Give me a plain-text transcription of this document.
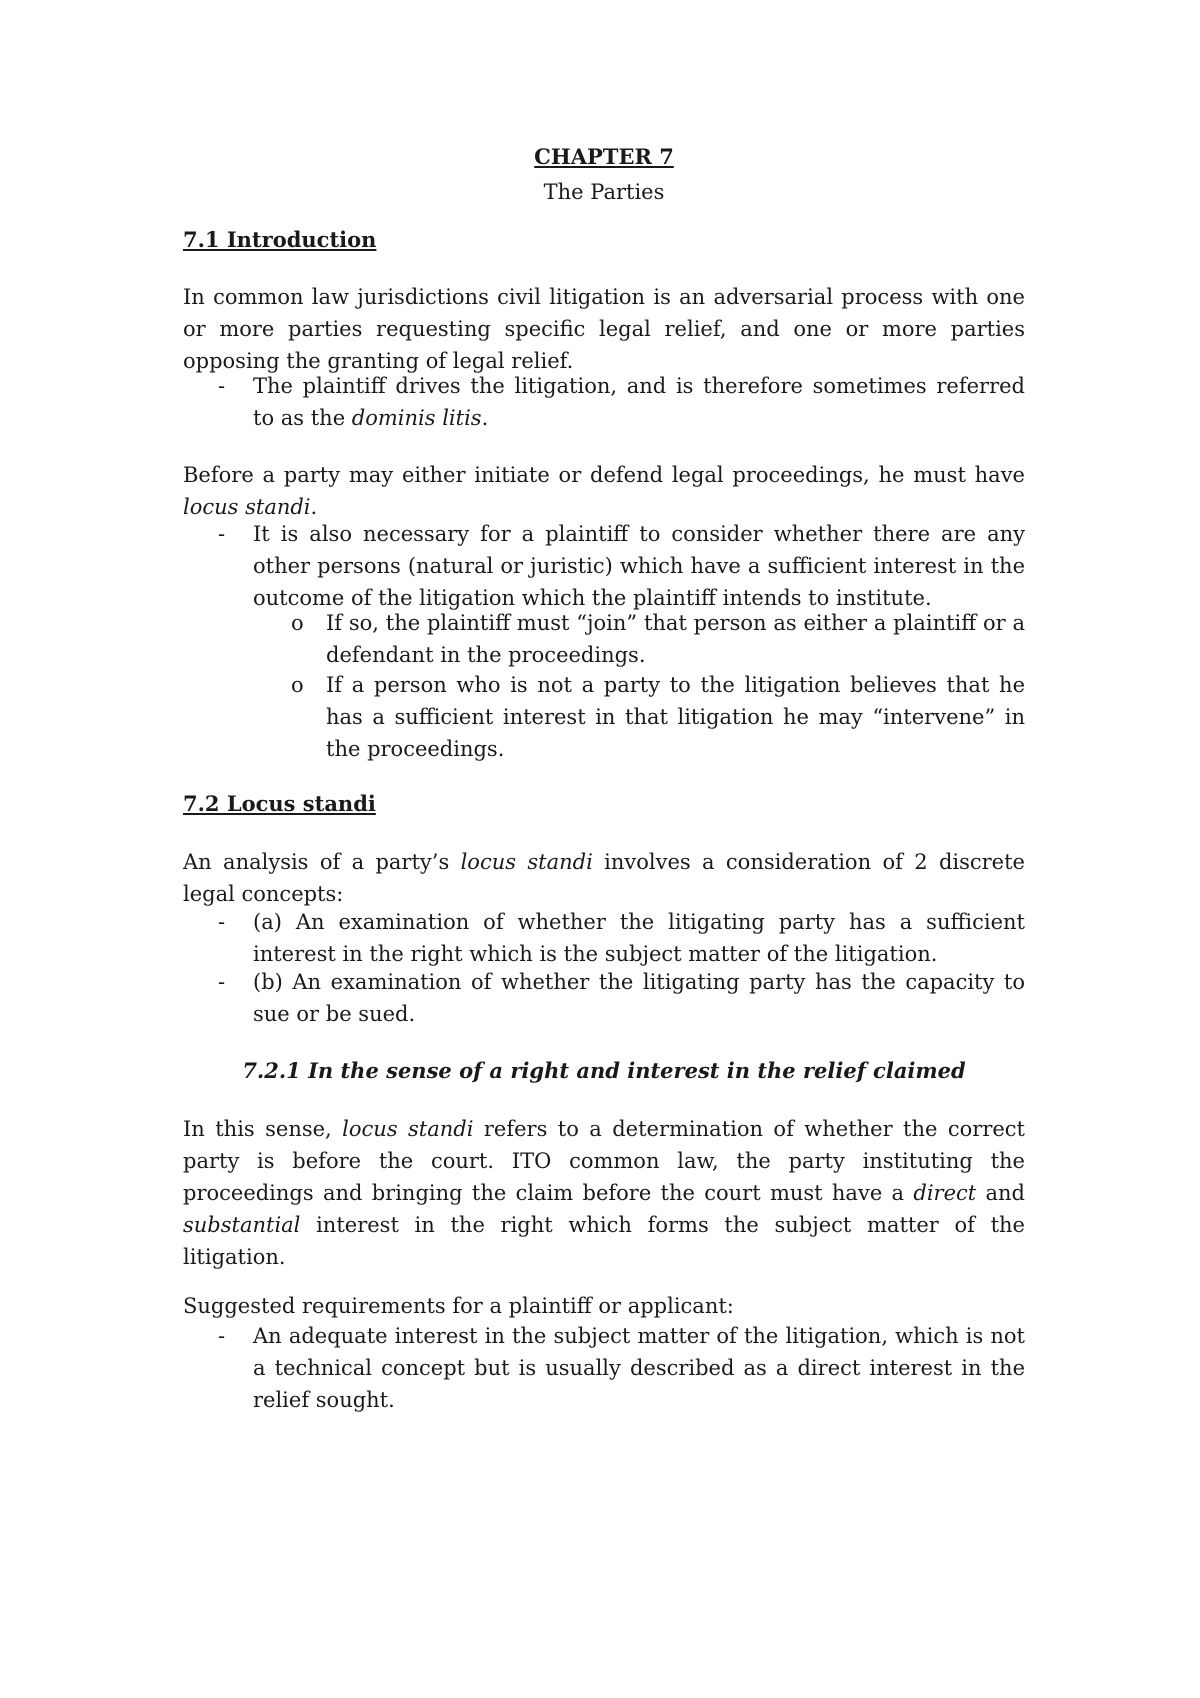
CHAPTER 7

The Parties

7.1 Introduction

In common law jurisdictions civil litigation is an adversarial process with one or more parties requesting specific legal relief, and one or more parties opposing the granting of legal relief.

- The plaintiff drives the litigation, and is therefore sometimes referred to as the dominis litis.

Before a party may either initiate or defend legal proceedings, he must have locus standi.

- It is also necessary for a plaintiff to consider whether there are any other persons (natural or juristic) which have a sufficient interest in the outcome of the litigation which the plaintiff intends to institute.
o If so, the plaintiff must “join” that person as either a plaintiff or a defendant in the proceedings.
o If a person who is not a party to the litigation believes that he has a sufficient interest in that litigation he may “intervene” in the proceedings.
7.2 Locus standi

An analysis of a party’s locus standi involves a consideration of 2 discrete legal concepts:

- (a) An examination of whether the litigating party has a sufficient interest in the right which is the subject matter of the litigation.
- (b) An examination of whether the litigating party has the capacity to sue or be sued.

7.2.1 In the sense of a right and interest in the relief claimed

In this sense, locus standi refers to a determination of whether the correct party is before the court. ITO common law, the party instituting the proceedings and bringing the claim before the court must have a direct and substantial interest in the right which forms the subject matter of the litigation.

Suggested requirements for a plaintiff or applicant:

- An adequate interest in the subject matter of the litigation, which is not a technical concept but is usually described as a direct interest in the relief sought.
